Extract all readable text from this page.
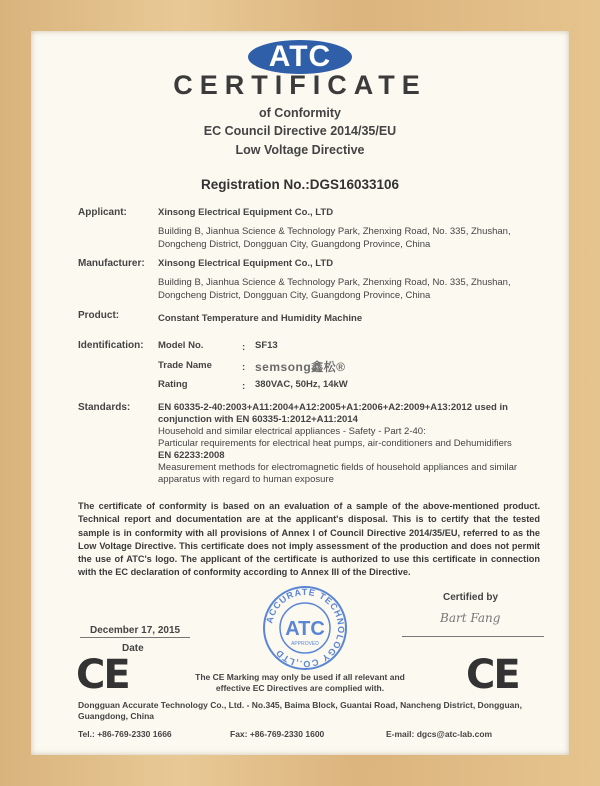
ATC
CERTIFICATE
of Conformity
EC Council Directive 2014/35/EU
Low Voltage Directive
Registration No.:DGS16033106
Applicant:	Xinsong Electrical Equipment Co., LTD
Building B, Jianhua Science & Technology Park, Zhenxing Road, No. 335, Zhushan,
Dongcheng District, Dongguan City, Guangdong Province, China
Manufacturer: Xinsong Electrical Equipment Co., LTD
Building B, Jianhua Science & Technology Park, Zhenxing Road, No. 335, Zhushan,
Dongcheng District, Dongguan City, Guangdong Province, China
Product:	Constant Temperature and Humidity Machine
Identification: Model No.	: SF13
Trade Name	: semsong鑫松®
Rating	: 380VAC, 50Hz, 14kW
Standards:	EN 60335-2-40:2003+A11:2004+A12:2005+A1:2006+A2:2009+A13:2012 used in
conjunction with EN 60335-1:2012+A11:2014
Household and similar electrical appliances - Safety - Part 2-40:
Particular requirements for electrical heat pumps, air-conditioners and Dehumidifiers
EN 62233:2008
Measurement methods for electromagnetic fields of household appliances and similar
apparatus with regard to human exposure
The certificate of conformity is based on an evaluation of a sample of the above-mentioned product. Technical report and documentation are at the applicant's disposal. This is to certify that the tested sample is in conformity with all provisions of Annex I of Council Directive 2014/35/EU, referred to as the Low Voltage Directive. This certificate does not imply assessment of the production and does not permit the use of ATC's logo. The applicant of the certificate is authorized to use this certificate in connection with the EC declaration of conformity according to Annex III of the Directive.
Certified by
Bart Fang
December 17, 2015
Date
ACCURATE TECHNOLOGY CO.,LTD
ATC
APPROVED
CE	CE
The CE Marking may only be used if all relevant and
effective EC Directives are complied with.
Dongguan Accurate Technology Co., Ltd. - No.345, Baima Block, Guantai Road, Nancheng District, Dongguan,
Guangdong, China
Tel.: +86-769-2330 1666	Fax: +86-769-2330 1600	E-mail: dgcs@atc-lab.com
